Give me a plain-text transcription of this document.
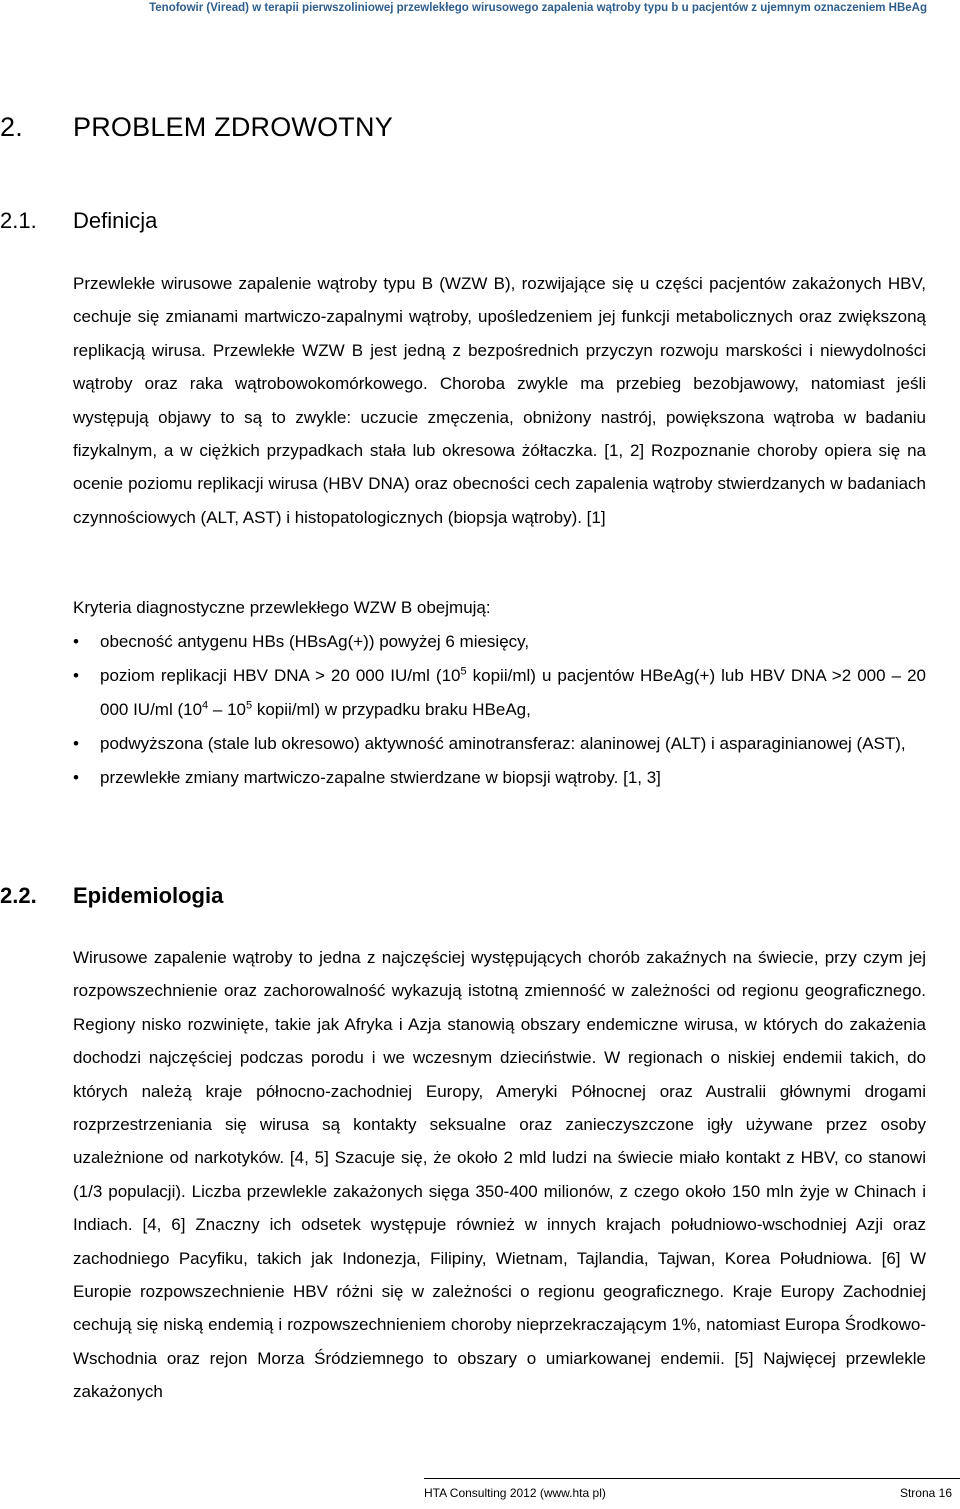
Tenofowir (Viread) w terapii pierwszoliniowej przewlekłego wirusowego zapalenia wątroby typu b u pacjentów z ujemnym oznaczeniem HBeAg
2. PROBLEM ZDROWOTNY
2.1. Definicja

Przewlekłe wirusowe zapalenie wątroby typu B (WZW B), rozwijające się u części pacjentów zakażonych HBV, cechuje się zmianami martwiczo-zapalnymi wątroby, upośledzeniem jej funkcji metabolicznych oraz zwiększoną replikacją wirusa. Przewlekłe WZW B jest jedną z bezpośrednich przyczyn rozwoju marskości i niewydolności wątroby oraz raka wątrobowokomórkowego. Choroba zwykle ma przebieg bezobjawowy, natomiast jeśli występują objawy to są to zwykle: uczucie zmęczenia, obniżony nastrój, powiększona wątroba w badaniu fizykalnym, a w ciężkich przypadkach stała lub okresowa żółtaczka. [1, 2] Rozpoznanie choroby opiera się na ocenie poziomu replikacji wirusa (HBV DNA) oraz obecności cech zapalenia wątroby stwierdzanych w badaniach czynnościowych (ALT, AST) i histopatologicznych (biopsja wątroby). [1]

Kryteria diagnostyczne przewlekłego WZW B obejmują:

• obecność antygenu HBs (HBsAg(+)) powyżej 6 miesięcy,
• poziom replikacji HBV DNA > 20 000 IU/ml ($10^5$ kopii/ml) u pacjentów HBeAg(+) lub HBV DNA >2 000 – 20 000 IU/ml ($10^4 - 10^5$ kopii/ml) w przypadku braku HBeAg,
• podwyższona (stale lub okresowo) aktywność aminotransferaz: alaninowej (ALT) i asparaginianowej (AST),
• przewlekłe zmiany martwiczo-zapalne stwierdzane w biopsji wątroby. [1, 3]
2.2. Epidemiologia

Wirusowe zapalenie wątroby to jedna z najczęściej występujących chorób zakaźnych na świecie, przy czym jej rozpowszechnienie oraz zachorowalność wykazują istotną zmienność w zależności od regionu geograficznego. Regiony nisko rozwinięte, takie jak Afryka i Azja stanowią obszary endemiczne wirusa, w których do zakażenia dochodzi najczęściej podczas porodu i we wczesnym dzieciństwie. W regionach o niskiej endemii takich, do których należą kraje północno-zachodniej Europy, Ameryki Północnej oraz Australii głównymi drogami rozprzestrzeniania się wirusa są kontakty seksualne oraz zanieczyszczone igły używane przez osoby uzależnione od narkotyków. [4, 5] Szacuje się, że około 2 mld ludzi na świecie miało kontakt z HBV, co stanowi (1/3 populacji). Liczba przewlekle zakażonych sięga 350-400 milionów, z czego około 150 mln żyje w Chinach i Indiach. [4, 6] Znaczny ich odsetek występuje również w innych krajach południowo-wschodniej Azji oraz zachodniego Pacyfiku, takich jak Indonezja, Filipiny, Wietnam, Tajlandia, Tajwan, Korea Południowa. [6] W Europie rozpowszechnienie HBV różni się w zależności o regionu geograficznego. Kraje Europy Zachodniej cechują się niską endemią i rozpowszechnieniem choroby nieprzekraczającym 1%, natomiast Europa Środkowo-Wschodnia oraz rejon Morza Śródziemnego to obszary o umiarkowanej endemii. [5] Najwięcej przewlekle zakażonych

HTA Consulting 2012 (www.hta pl)	Strona 16
